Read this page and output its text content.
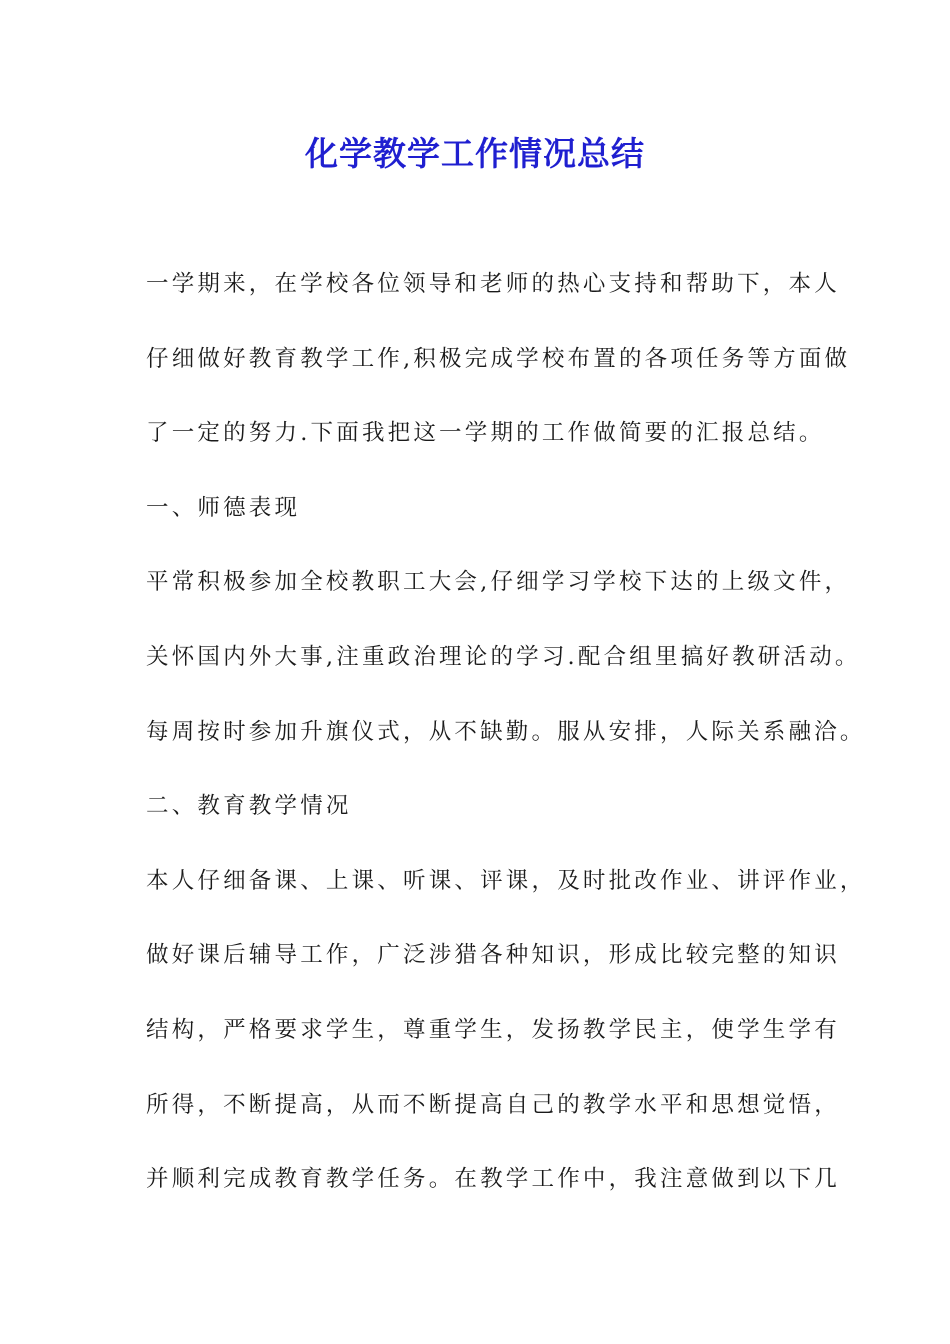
化学教学工作情况总结
一学期来，在学校各位领导和老师的热心支持和帮助下，本人
仔细做好教育教学工作,积极完成学校布置的各项任务等方面做
了一定的努力.下面我把这一学期的工作做简要的汇报总结。
一、师德表现
平常积极参加全校教职工大会,仔细学习学校下达的上级文件，
关怀国内外大事,注重政治理论的学习.配合组里搞好教研活动。
每周按时参加升旗仪式，从不缺勤。服从安排，人际关系融洽。
二、教育教学情况
本人仔细备课、上课、听课、评课，及时批改作业、讲评作业，
做好课后辅导工作，广泛涉猎各种知识，形成比较完整的知识
结构，严格要求学生，尊重学生，发扬教学民主，使学生学有
所得，不断提高，从而不断提高自己的教学水平和思想觉悟，
并顺利完成教育教学任务。在教学工作中，我注意做到以下几
